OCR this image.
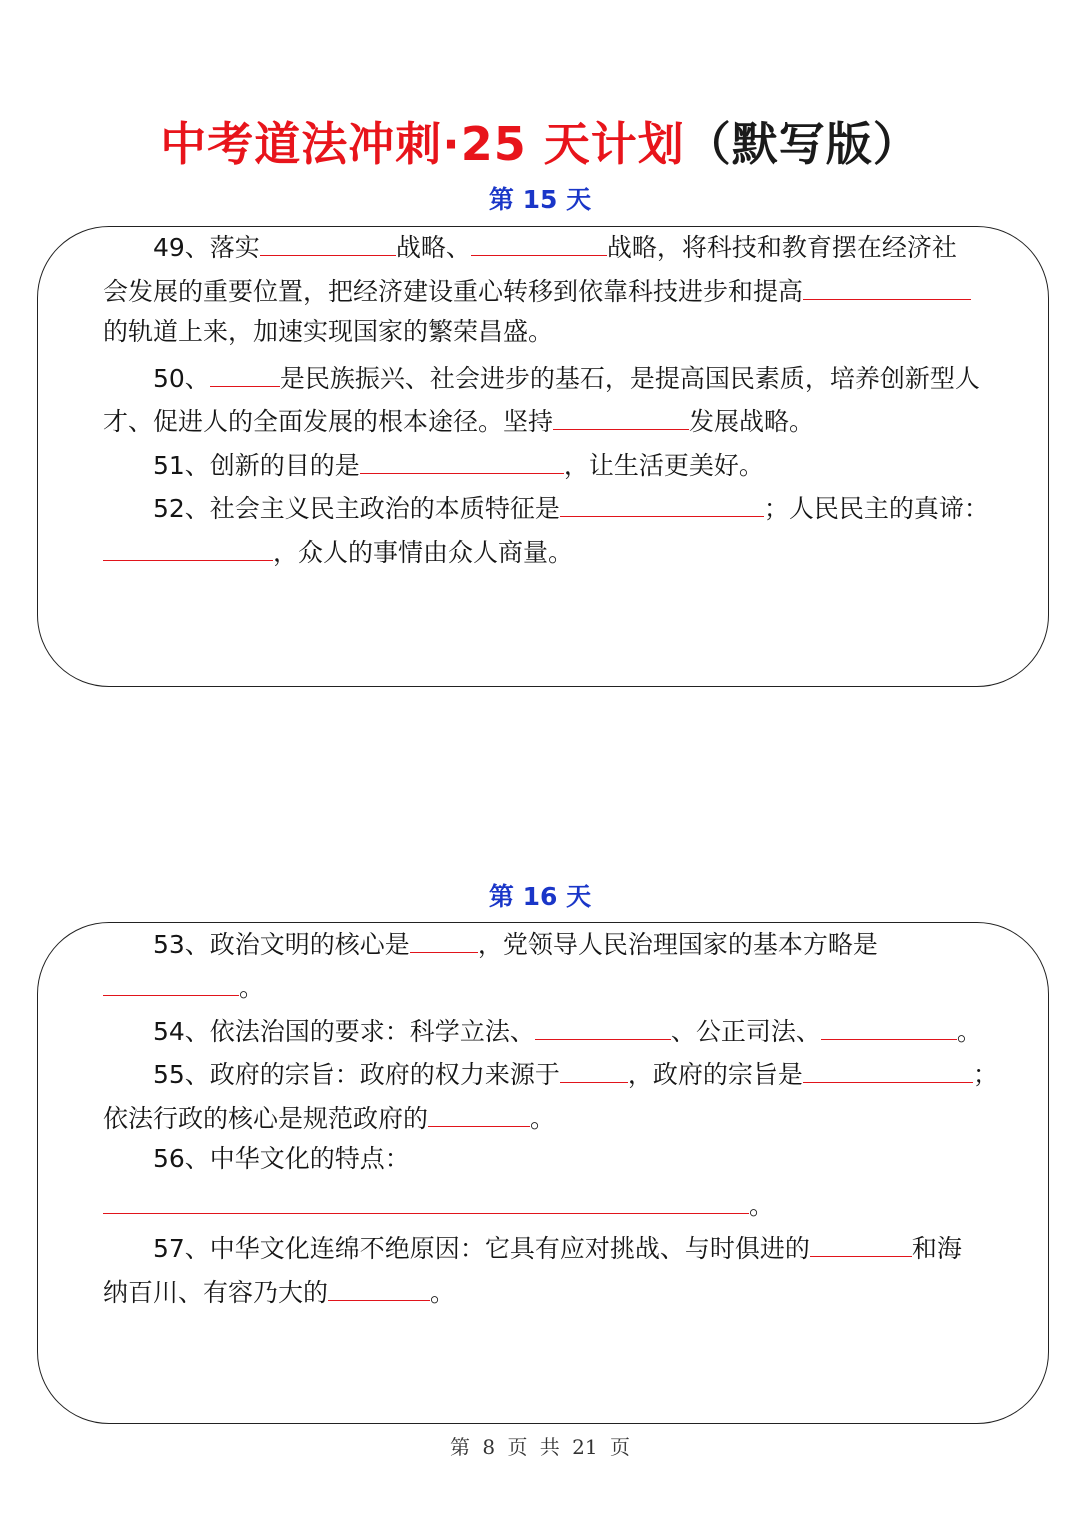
中考道法冲刺·25 天计划（默写版）
第 15 天
49、落实	战略、	战略，将科技和教育摆在经济社
会发展的重要位置，把经济建设重心转移到依靠科技进步和提高
的轨道上来，加速实现国家的繁荣昌盛。
50、	是民族振兴、社会进步的基石，是提高国民素质，培养创新型人
才、促进人的全面发展的根本途径。坚持	发展战略。
51、创新的目的是	，让生活更美好。
52、社会主义民主政治的本质特征是	；人民民主的真谛：
，众人的事情由众人商量。
第 16 天
53、政治文明的核心是	，党领导人民治理国家的基本方略是
。
54、依法治国的要求：科学立法、	、公正司法、	。
55、政府的宗旨：政府的权力来源于	，政府的宗旨是	；
依法行政的核心是规范政府的	。
56、中华文化的特点：
。
57、中华文化连绵不绝原因：它具有应对挑战、与时俱进的	和海
纳百川、有容乃大的	。
第 8 页 共 21 页
